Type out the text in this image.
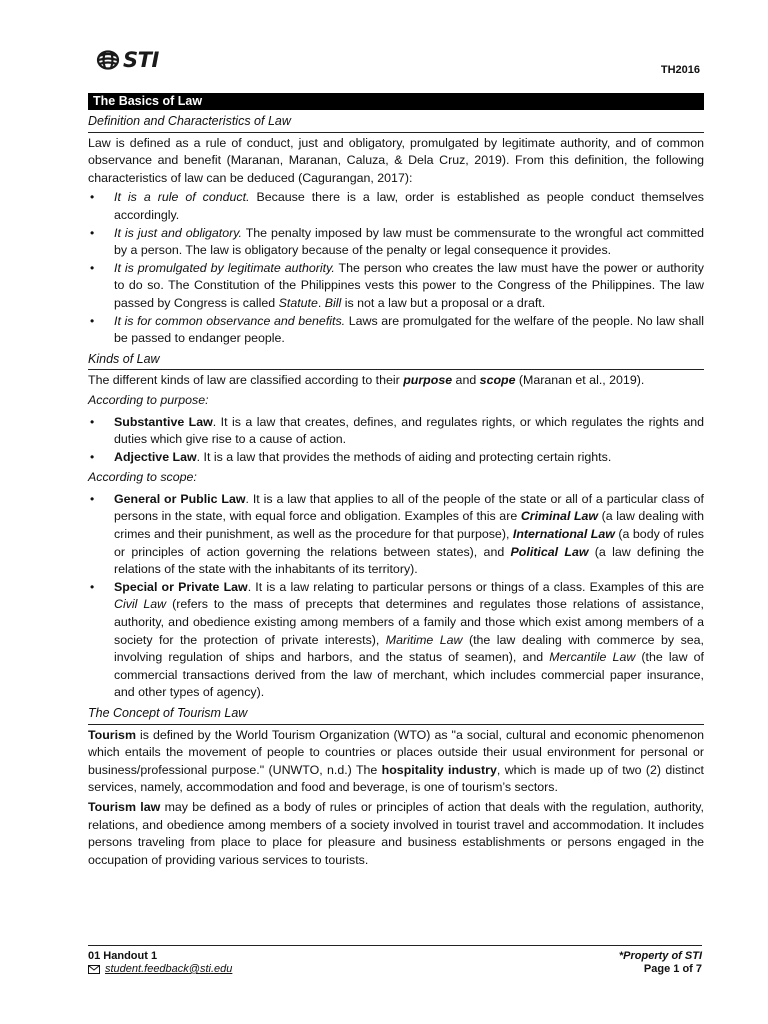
STI	TH2016
The Basics of Law
Definition and Characteristics of Law

Law is defined as a rule of conduct, just and obligatory, promulgated by legitimate authority, and of common observance and benefit (Maranan, Maranan, Caluza, & Dela Cruz, 2019). From this definition, the following characteristics of law can be deduced (Cagurangan, 2017):

• It is a rule of conduct. Because there is a law, order is established as people conduct themselves accordingly.
• It is just and obligatory. The penalty imposed by law must be commensurate to the wrongful act committed by a person. The law is obligatory because of the penalty or legal consequence it provides.
• It is promulgated by legitimate authority. The person who creates the law must have the power or authority to do so. The Constitution of the Philippines vests this power to the Congress of the Philippines. The law passed by Congress is called Statute. Bill is not a law but a proposal or a draft.
• It is for common observance and benefits. Laws are promulgated for the welfare of the people. No law shall be passed to endanger people.
Kinds of Law

The different kinds of law are classified according to their purpose and scope (Maranan et al., 2019).

According to purpose:
• Substantive Law. It is a law that creates, defines, and regulates rights, or which regulates the rights and duties which give rise to a cause of action.
• Adjective Law. It is a law that provides the methods of aiding and protecting certain rights.
According to scope:
• General or Public Law. It is a law that applies to all of the people of the state or all of a particular class of persons in the state, with equal force and obligation. Examples of this are Criminal Law (a law dealing with crimes and their punishment, as well as the procedure for that purpose), International Law (a body of rules or principles of action governing the relations between states), and Political Law (a law defining the relations of the state with the inhabitants of its territory).
• Special or Private Law. It is a law relating to particular persons or things of a class. Examples of this are Civil Law (refers to the mass of precepts that determines and regulates those relations of assistance, authority, and obedience existing among members of a family and those which exist among members of a society for the protection of private interests), Maritime Law (the law dealing with commerce by sea, involving regulation of ships and harbors, and the status of seamen), and Mercantile Law (the law of commercial transactions derived from the law of merchant, which includes commercial paper insurance, and other types of agency).
The Concept of Tourism Law

Tourism is defined by the World Tourism Organization (WTO) as "a social, cultural and economic phenomenon which entails the movement of people to countries or places outside their usual environment for personal or business/professional purpose." (UNWTO, n.d.) The hospitality industry, which is made up of two (2) distinct services, namely, accommodation and food and beverage, is one of tourism’s sectors.

Tourism law may be defined as a body of rules or principles of action that deals with the regulation, authority, relations, and obedience among members of a society involved in tourist travel and accommodation. It includes persons traveling from place to place for pleasure and business establishments or persons engaged in the occupation of providing various services to tourists.

01 Handout 1
student.feedback@sti.edu
*Property of STI
Page 1 of 7
